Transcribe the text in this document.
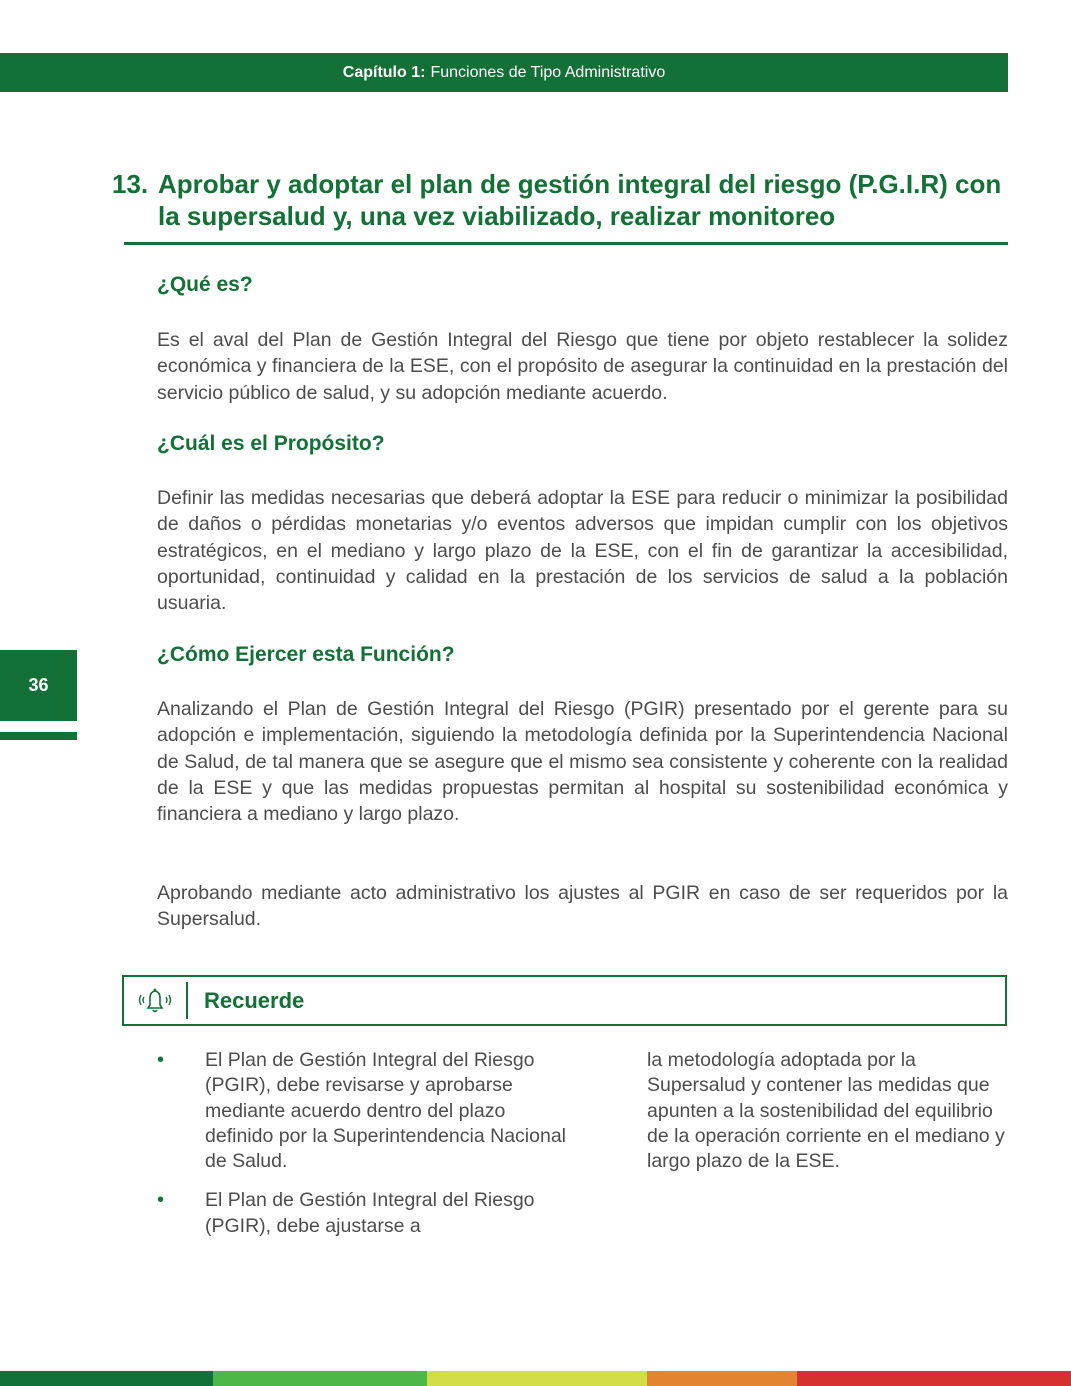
Capítulo 1: Funciones de Tipo Administrativo
13. Aprobar y adoptar el plan de gestión integral del riesgo (P.G.I.R) con la supersalud y, una vez viabilizado, realizar monitoreo
¿Qué es?
Es el aval del Plan de Gestión Integral del Riesgo que tiene por objeto restablecer la solidez económica y financiera de la ESE, con el propósito de asegurar la continuidad en la prestación del servicio público de salud, y su adopción mediante acuerdo.
¿Cuál es el Propósito?
Definir las medidas necesarias que deberá adoptar la ESE para reducir o minimizar la posibilidad de daños o pérdidas monetarias y/o eventos adversos que impidan cumplir con los objetivos estratégicos, en el mediano y largo plazo de la ESE, con el fin de garantizar la accesibilidad, oportunidad, continuidad y calidad en la prestación de los servicios de salud a la población usuaria.
¿Cómo Ejercer esta Función?
Analizando el Plan de Gestión Integral del Riesgo (PGIR) presentado por el gerente para su adopción e implementación, siguiendo la metodología definida por la Superintendencia Nacional de Salud, de tal manera que se asegure que el mismo sea consistente y coherente con la realidad de la ESE y que las medidas propuestas permitan al hospital su sostenibilidad económica y financiera a mediano y largo plazo.
Aprobando mediante acto administrativo los ajustes al PGIR en caso de ser requeridos por la Supersalud.
36
Recuerde
• El Plan de Gestión Integral del Riesgo (PGIR), debe revisarse y aprobarse mediante acuerdo dentro del plazo definido por la Superintendencia Nacional de Salud.
• El Plan de Gestión Integral del Riesgo (PGIR), debe ajustarse a
la metodología adoptada por la Supersalud y contener las medidas que apunten a la sostenibilidad del equilibrio de la operación corriente en el mediano y largo plazo de la ESE.
